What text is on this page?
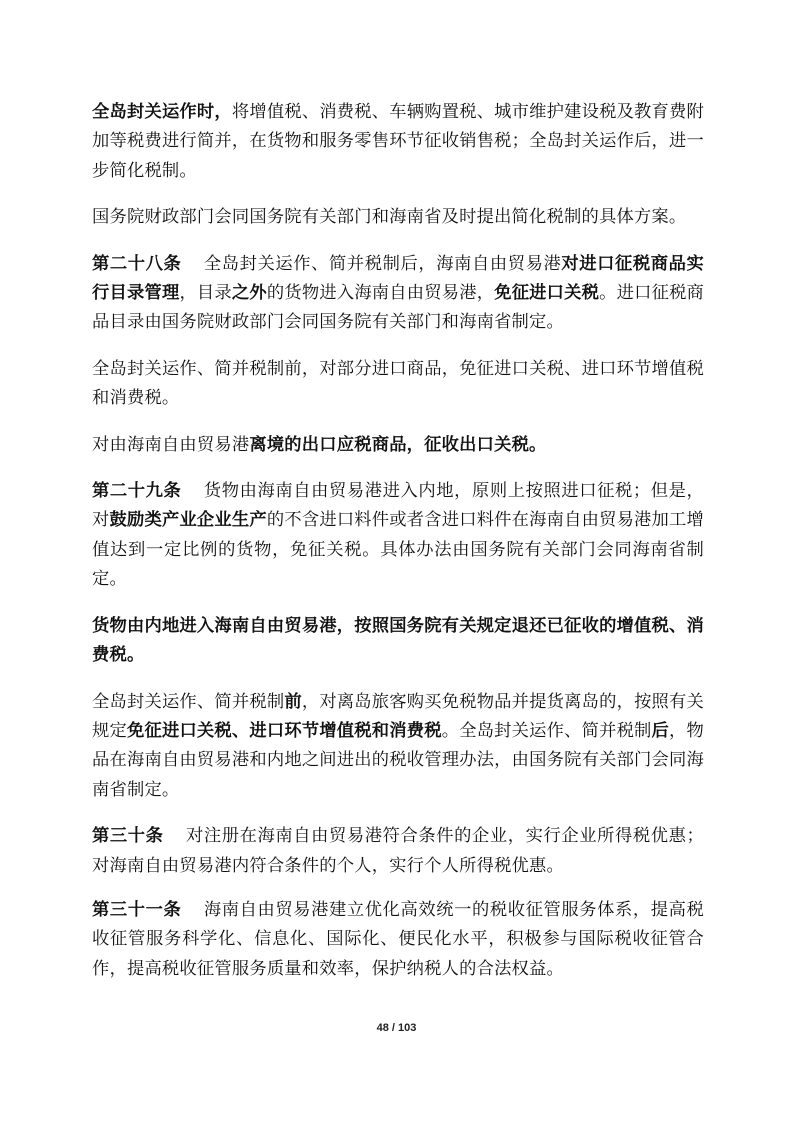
全岛封关运作时，将增值税、消费税、车辆购置税、城市维护建设税及教育费附加等税费进行简并，在货物和服务零售环节征收销售税；全岛封关运作后，进一步简化税制。

国务院财政部门会同国务院有关部门和海南省及时提出简化税制的具体方案。

第二十八条 全岛封关运作、简并税制后，海南自由贸易港对进口征税商品实行目录管理，目录之外的货物进入海南自由贸易港，免征进口关税。进口征税商品目录由国务院财政部门会同国务院有关部门和海南省制定。

全岛封关运作、简并税制前，对部分进口商品，免征进口关税、进口环节增值税和消费税。

对由海南自由贸易港离境的出口应税商品，征收出口关税。

第二十九条 货物由海南自由贸易港进入内地，原则上按照进口征税；但是，对鼓励类产业企业生产的不含进口料件或者含进口料件在海南自由贸易港加工增值达到一定比例的货物，免征关税。具体办法由国务院有关部门会同海南省制定。

货物由内地进入海南自由贸易港，按照国务院有关规定退还已征收的增值税、消费税。

全岛封关运作、简并税制前，对离岛旅客购买免税物品并提货离岛的，按照有关规定免征进口关税、进口环节增值税和消费税。全岛封关运作、简并税制后，物品在海南自由贸易港和内地之间进出的税收管理办法，由国务院有关部门会同海南省制定。

第三十条 对注册在海南自由贸易港符合条件的企业，实行企业所得税优惠；对海南自由贸易港内符合条件的个人，实行个人所得税优惠。

第三十一条 海南自由贸易港建立优化高效统一的税收征管服务体系，提高税收征管服务科学化、信息化、国际化、便民化水平，积极参与国际税收征管合作，提高税收征管服务质量和效率，保护纳税人的合法权益。

48 / 103
